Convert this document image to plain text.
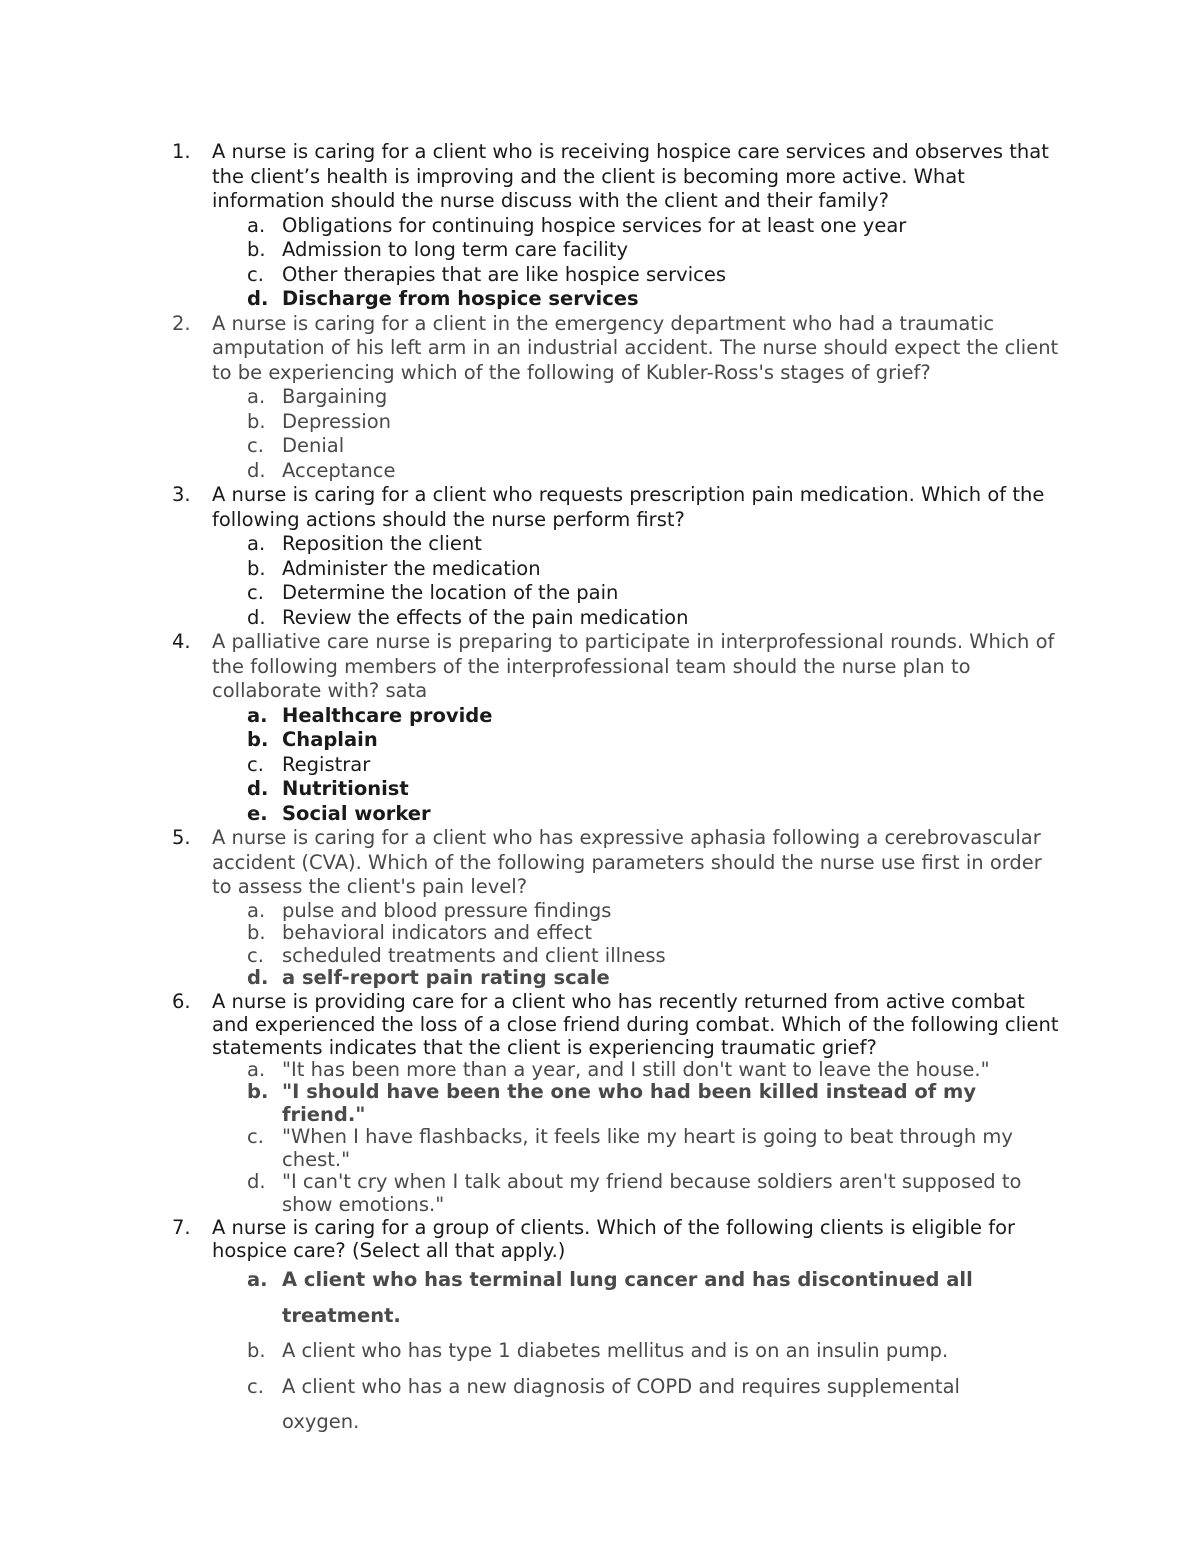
1.	A nurse is caring for a client who is receiving hospice care services and observes that the client’s health is improving and the client is becoming more active. What information should the nurse discuss with the client and their family?
a. Obligations for continuing hospice services for at least one year
b. Admission to long term care facility
c. Other therapies that are like hospice services
d. Discharge from hospice services
2.	A nurse is caring for a client in the emergency department who had a traumatic amputation of his left arm in an industrial accident. The nurse should expect the client to be experiencing which of the following of Kubler-Ross's stages of grief?
a. Bargaining
b. Depression
c. Denial
d. Acceptance
3.	A nurse is caring for a client who requests prescription pain medication. Which of the following actions should the nurse perform first?
a. Reposition the client
b. Administer the medication
c. Determine the location of the pain
d. Review the effects of the pain medication
4.	A palliative care nurse is preparing to participate in interprofessional rounds. Which of the following members of the interprofessional team should the nurse plan to collaborate with? sata
a. Healthcare provide
b. Chaplain
c. Registrar
d. Nutritionist
e. Social worker
5.	A nurse is caring for a client who has expressive aphasia following a cerebrovascular accident (CVA). Which of the following parameters should the nurse use first in order to assess the client's pain level?
a. pulse and blood pressure findings
b. behavioral indicators and effect
c. scheduled treatments and client illness
d. a self-report pain rating scale
6.	A nurse is providing care for a client who has recently returned from active combat and experienced the loss of a close friend during combat. Which of the following client statements indicates that the client is experiencing traumatic grief?
a. "It has been more than a year, and I still don't want to leave the house."
b. "I should have been the one who had been killed instead of my friend."
c. "When I have flashbacks, it feels like my heart is going to beat through my chest."
d. "I can't cry when I talk about my friend because soldiers aren't supposed to show emotions."
7.	A nurse is caring for a group of clients. Which of the following clients is eligible for hospice care? (Select all that apply.)
a. A client who has terminal lung cancer and has discontinued all treatment.
b. A client who has type 1 diabetes mellitus and is on an insulin pump.
c. A client who has a new diagnosis of COPD and requires supplemental oxygen.
